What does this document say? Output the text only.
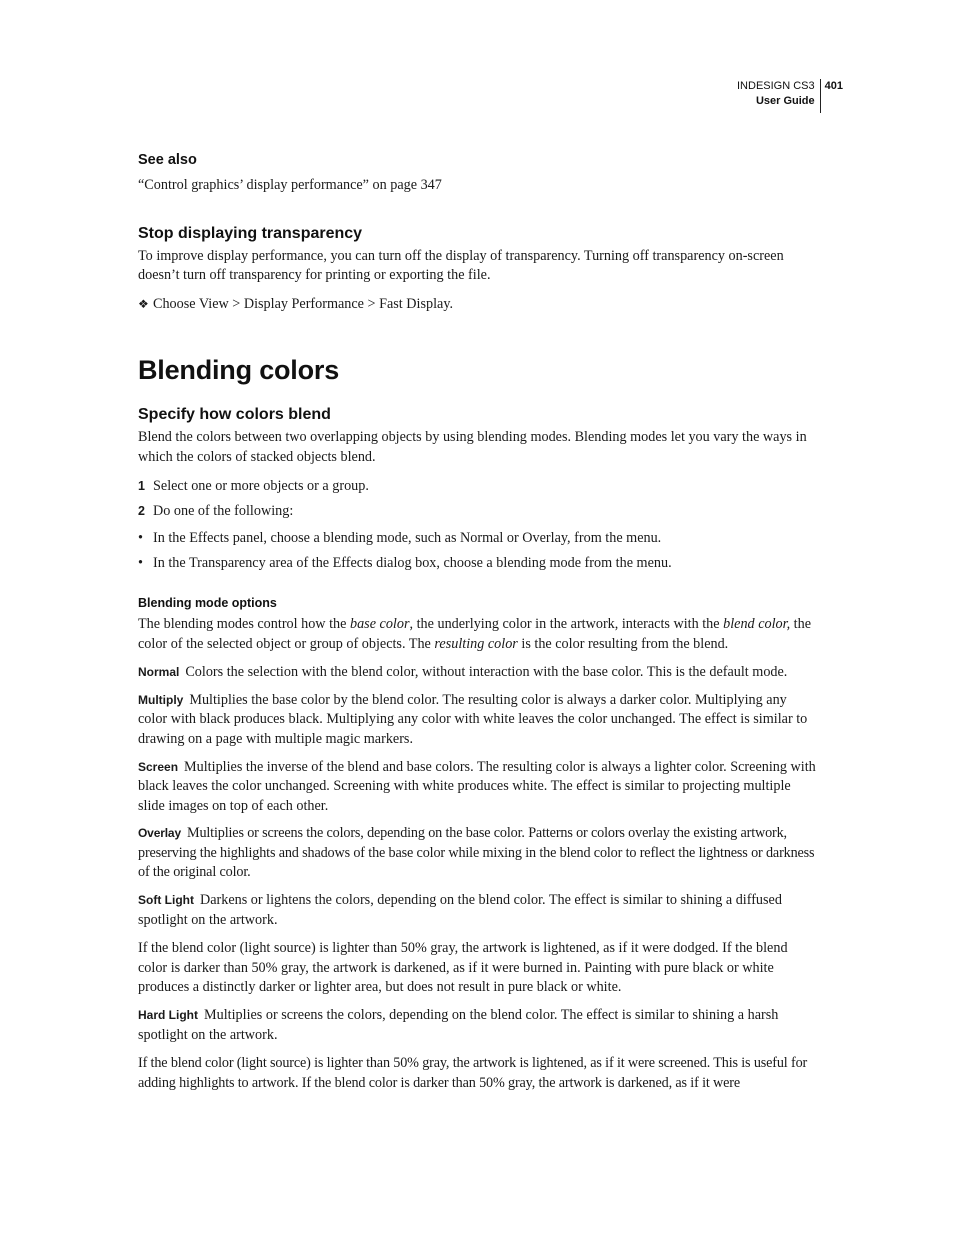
INDESIGN CS3
User Guide
401
See also

“Control graphics’ display performance” on page 347

Stop displaying transparency

To improve display performance, you can turn off the display of transparency. Turning off transparency on-screen doesn’t turn off transparency for printing or exporting the file.

❖ Choose View > Display Performance > Fast Display.

Blending colors
Specify how colors blend

Blend the colors between two overlapping objects by using blending modes. Blending modes let you vary the ways in which the colors of stacked objects blend.

1 Select one or more objects or a group.

2 Do one of the following:

• In the Effects panel, choose a blending mode, such as Normal or Overlay, from the menu.

• In the Transparency area of the Effects dialog box, choose a blending mode from the menu.

Blending mode options

The blending modes control how the base color, the underlying color in the artwork, interacts with the blend color, the color of the selected object or group of objects. The resulting color is the color resulting from the blend.

Normal Colors the selection with the blend color, without interaction with the base color. This is the default mode.

Multiply Multiplies the base color by the blend color. The resulting color is always a darker color. Multiplying any color with black produces black. Multiplying any color with white leaves the color unchanged. The effect is similar to drawing on a page with multiple magic markers.

Screen Multiplies the inverse of the blend and base colors. The resulting color is always a lighter color. Screening with black leaves the color unchanged. Screening with white produces white. The effect is similar to projecting multiple slide images on top of each other.

Overlay Multiplies or screens the colors, depending on the base color. Patterns or colors overlay the existing artwork, preserving the highlights and shadows of the base color while mixing in the blend color to reflect the lightness or darkness of the original color.

Soft Light Darkens or lightens the colors, depending on the blend color. The effect is similar to shining a diffused spotlight on the artwork.

If the blend color (light source) is lighter than 50% gray, the artwork is lightened, as if it were dodged. If the blend color is darker than 50% gray, the artwork is darkened, as if it were burned in. Painting with pure black or white produces a distinctly darker or lighter area, but does not result in pure black or white.

Hard Light Multiplies or screens the colors, depending on the blend color. The effect is similar to shining a harsh spotlight on the artwork.

If the blend color (light source) is lighter than 50% gray, the artwork is lightened, as if it were screened. This is useful for adding highlights to artwork. If the blend color is darker than 50% gray, the artwork is darkened, as if it were
